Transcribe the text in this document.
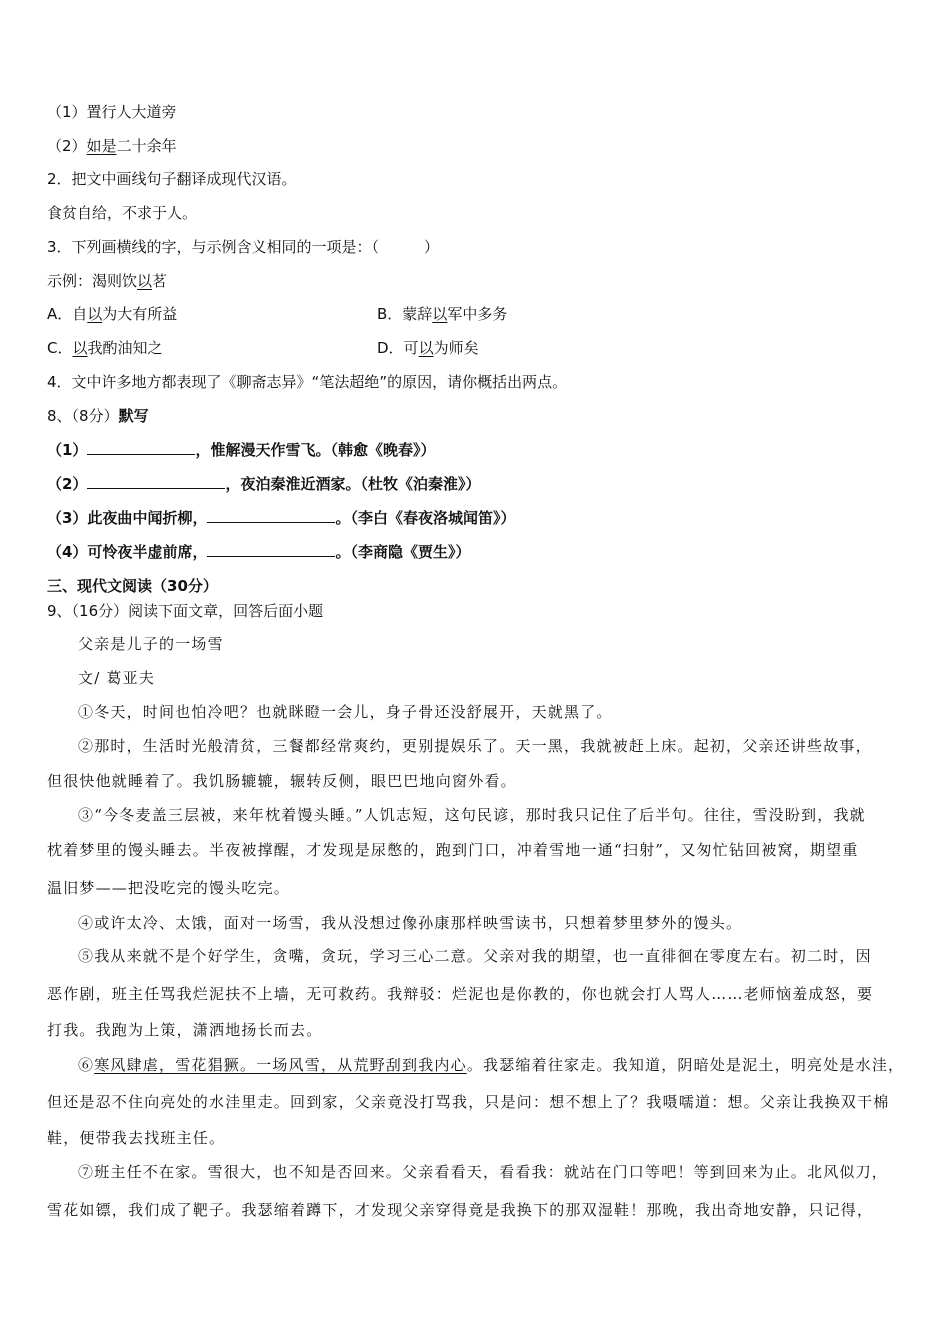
（1）置行人大道旁
（2）如是二十余年
2．把文中画线句子翻译成现代汉语。
食贫自给，不求于人。
3．下列画横线的字，与示例含义相同的一项是：（　　　）
示例：渴则饮以茗
A．自以为大有所益	B．蒙辞以军中多务
C．以我酌油知之	D．可以为师矣
4．文中许多地方都表现了《聊斋志异》“笔法超绝”的原因，请你概括出两点。
8、（8分）默写
（1）	，惟解漫天作雪飞。（韩愈《晚春》）
（2）	，夜泊秦淮近酒家。（杜牧《泊秦淮》）
（3）此夜曲中闻折柳，	。（李白《春夜洛城闻笛》）
（4）可怜夜半虚前席，	。（李商隐《贾生》）
三、现代文阅读（30分）
9、（16分）阅读下面文章，回答后面小题
父亲是儿子的一场雪
文/ 葛亚夫
①冬天，时间也怕冷吧？也就眯瞪一会儿，身子骨还没舒展开，天就黑了。
②那时，生活时光般清贫，三餐都经常爽约，更别提娱乐了。天一黑，我就被赶上床。起初，父亲还讲些故事，
但很快他就睡着了。我饥肠辘辘，辗转反侧，眼巴巴地向窗外看。
③“今冬麦盖三层被，来年枕着馒头睡。”人饥志短，这句民谚，那时我只记住了后半句。往往，雪没盼到，我就
枕着梦里的馒头睡去。半夜被撑醒，才发现是尿憋的，跑到门口，冲着雪地一通“扫射”，又匆忙钻回被窝，期望重
温旧梦——把没吃完的馒头吃完。
④或许太冷、太饿，面对一场雪，我从没想过像孙康那样映雪读书，只想着梦里梦外的馒头。
⑤我从来就不是个好学生，贪嘴，贪玩，学习三心二意。父亲对我的期望，也一直徘徊在零度左右。初二时，因
恶作剧，班主任骂我烂泥扶不上墙，无可救药。我辩驳：烂泥也是你教的，你也就会打人骂人……老师恼羞成怒，要
打我。我跑为上策，潇洒地扬长而去。
⑥寒风肆虐，雪花猖獗。一场风雪，从荒野刮到我内心。我瑟缩着往家走。我知道，阴暗处是泥土，明亮处是水洼，
但还是忍不住向亮处的水洼里走。回到家，父亲竟没打骂我，只是问：想不想上了？我嗫嚅道：想。父亲让我换双干棉
鞋，便带我去找班主任。
⑦班主任不在家。雪很大，也不知是否回来。父亲看看天，看看我：就站在门口等吧！等到回来为止。北风似刀，
雪花如镖，我们成了靶子。我瑟缩着蹲下，才发现父亲穿得竟是我换下的那双湿鞋！那晚，我出奇地安静，只记得，
